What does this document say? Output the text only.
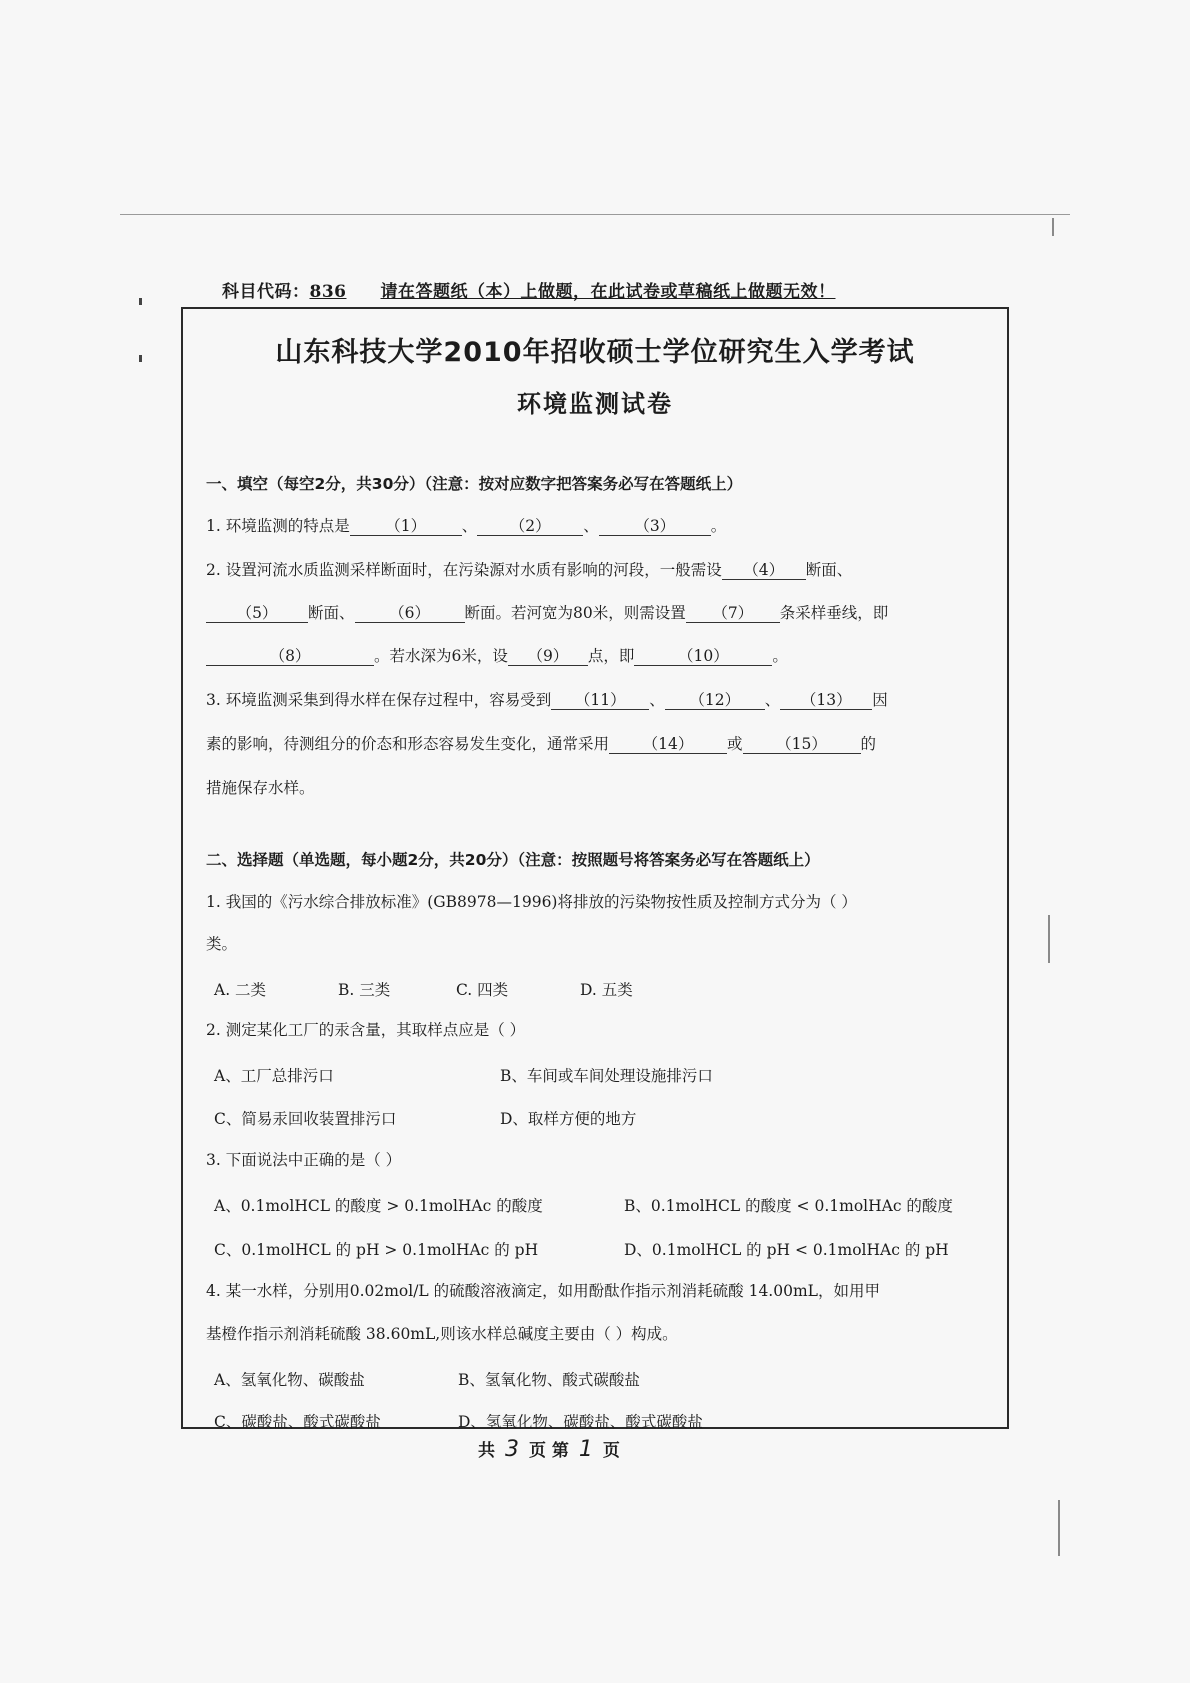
科目代码：836 请在答题纸（本）上做题，在此试卷或草稿纸上做题无效！
山东科技大学2010年招收硕士学位研究生入学考试
环境监测试卷
一、填空（每空2分，共30分）（注意：按对应数字把答案务必写在答题纸上）
1. 环境监测的特点是 （1） 、 （2） 、 （3） 。
2. 设置河流水质监测采样断面时，在污染源对水质有影响的河段，一般需设 （4） 断面、
（5） 断面、 （6） 断面。若河宽为80米，则需设置 （7） 条采样垂线，即
（8）	。若水深为6米，设 （9） 点，即	（10）	。
3. 环境监测采集到得水样在保存过程中，容易受到 （11） 、 （12） 、 （13） 因
素的影响，待测组分的价态和形态容易发生变化，通常采用 （14） 或 （15） 的
措施保存水样。
二、选择题（单选题，每小题2分，共20分）（注意：按照题号将答案务必写在答题纸上）
1. 我国的《污水综合排放标准》(GB8978—1996)将排放的污染物按性质及控制方式分为（ ）
类。
A. 二类	B. 三类	C. 四类	D. 五类
2. 测定某化工厂的汞含量，其取样点应是（ ）
A、工厂总排污口	B、车间或车间处理设施排污口
C、简易汞回收装置排污口	D、取样方便的地方
3. 下面说法中正确的是（ ）
A、0.1molHCL 的酸度 > 0.1molHAc 的酸度	B、0.1molHCL 的酸度 < 0.1molHAc 的酸度
C、0.1molHCL 的 pH > 0.1molHAc 的 pH	D、0.1molHCL 的 pH < 0.1molHAc 的 pH
4. 某一水样，分别用0.02mol/L 的硫酸溶液滴定，如用酚酞作指示剂消耗硫酸 14.00mL，如用甲
基橙作指示剂消耗硫酸 38.60mL,则该水样总碱度主要由（ ）构成。
A、氢氧化物、碳酸盐	B、氢氧化物、酸式碳酸盐
C、碳酸盐、酸式碳酸盐	D、氢氧化物、碳酸盐、酸式碳酸盐
共 3 页 第 1 页
